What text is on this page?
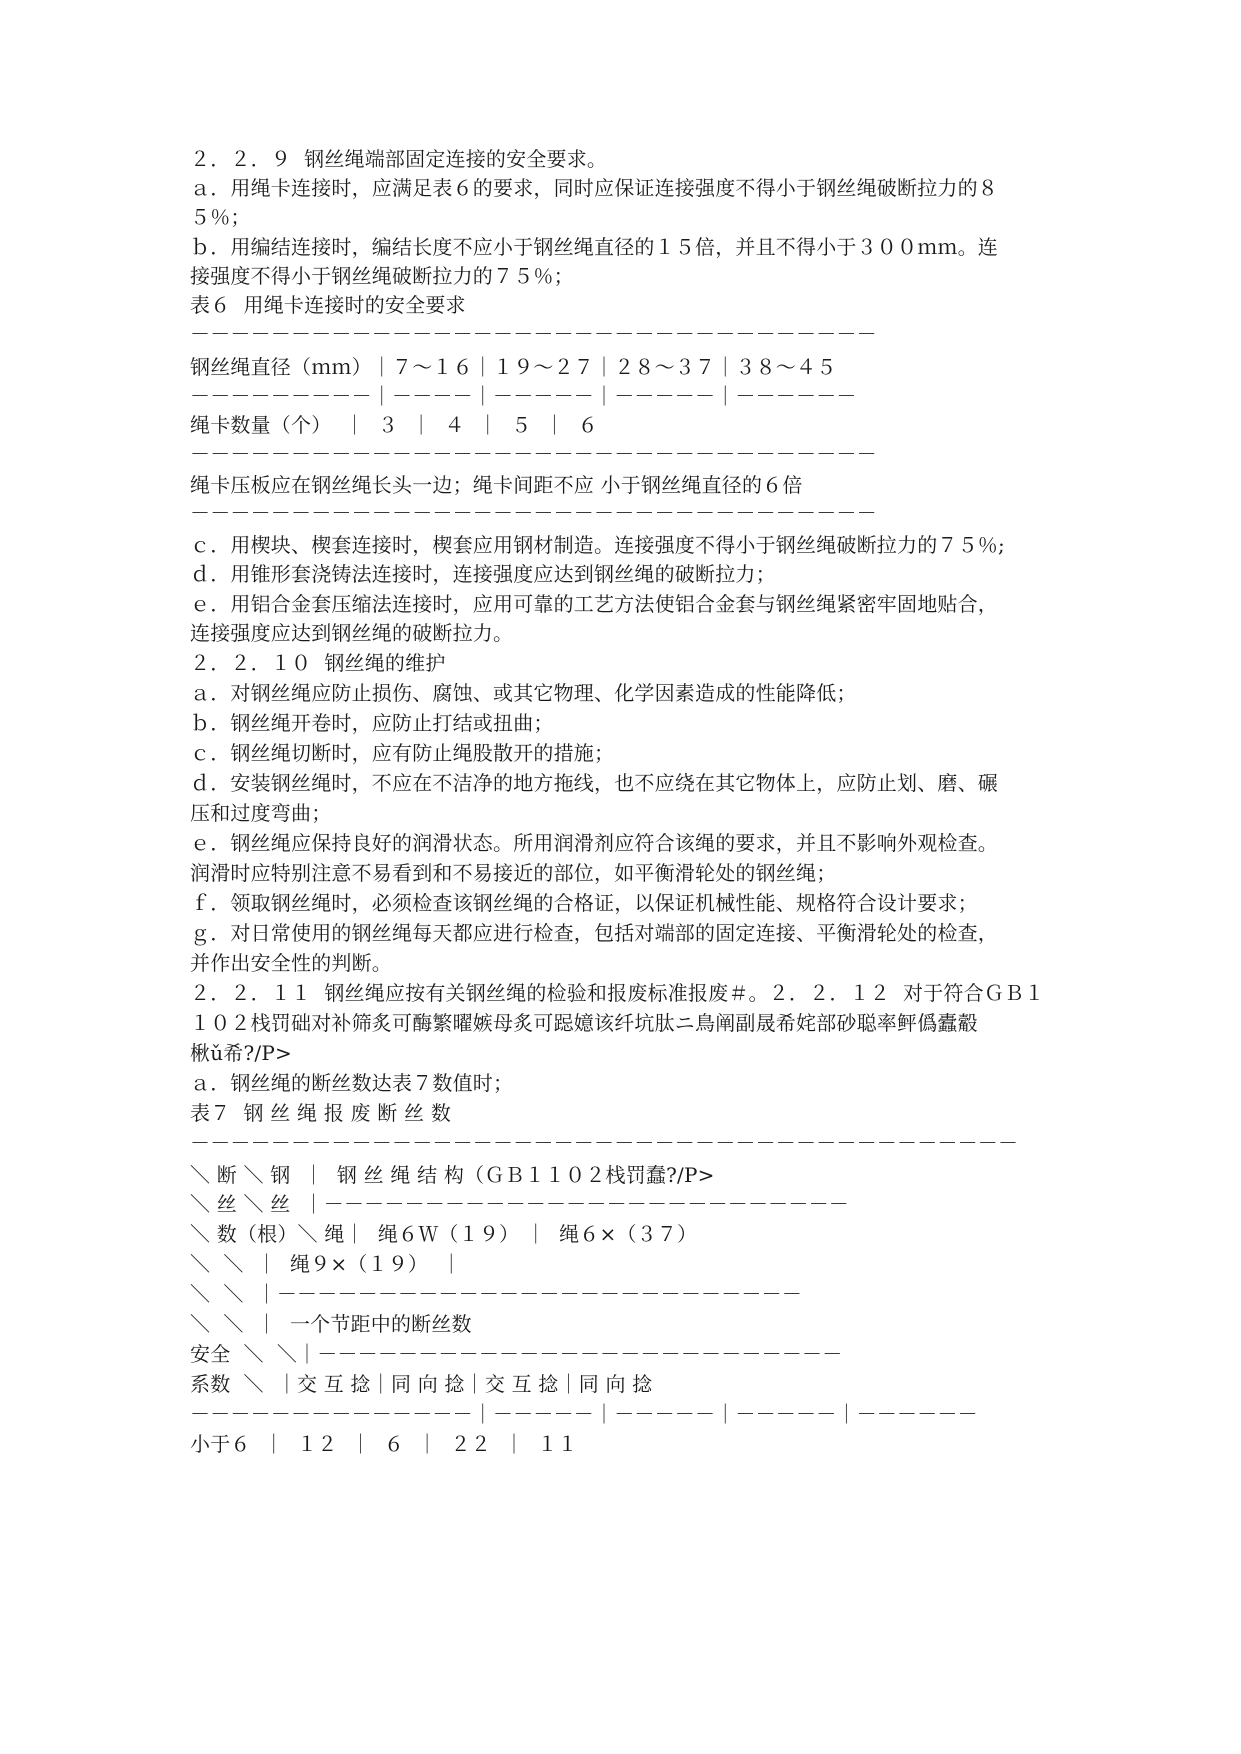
２．２．９  钢丝绳端部固定连接的安全要求。
ａ．用绳卡连接时，应满足表６的要求，同时应保证连接强度不得小于钢丝绳破断拉力的８
５％；
ｂ．用编结连接时，编结长度不应小于钢丝绳直径的１５倍，并且不得小于３００ｍｍ。连
接强度不得小于钢丝绳破断拉力的７５％；
表６  用绳卡连接时的安全要求
－－－－－－－－－－－－－－－－－－－－－－－－－－－－－－－－－－
钢丝绳直径（ｍｍ）｜７～１６｜１９～２７｜２８～３７｜３８～４５
－－－－－－－－－｜－－－－｜－－－－－｜－－－－－｜－－－－－－
绳卡数量（个）  ｜  ３  ｜  ４  ｜  ５  ｜  ６
－－－－－－－－－－－－－－－－－－－－－－－－－－－－－－－－－－
绳卡压板应在钢丝绳长头一边；绳卡间距不应 小于钢丝绳直径的６倍
－－－－－－－－－－－－－－－－－－－－－－－－－－－－－－－－－－
ｃ．用楔块、楔套连接时，楔套应用钢材制造。连接强度不得小于钢丝绳破断拉力的７５％;
ｄ．用锥形套浇铸法连接时，连接强度应达到钢丝绳的破断拉力；
ｅ．用铝合金套压缩法连接时，应用可靠的工艺方法使铝合金套与钢丝绳紧密牢固地贴合，
连接强度应达到钢丝绳的破断拉力。
２．２．１０  钢丝绳的维护
ａ．对钢丝绳应防止损伤、腐蚀、或其它物理、化学因素造成的性能降低；
ｂ．钢丝绳开卷时，应防止打结或扭曲；
ｃ．钢丝绳切断时，应有防止绳股散开的措施；
ｄ．安装钢丝绳时，不应在不洁净的地方拖线，也不应绕在其它物体上，应防止划、磨、碾
压和过度弯曲；
ｅ．钢丝绳应保持良好的润滑状态。所用润滑剂应符合该绳的要求，并且不影响外观检查。
润滑时应特别注意不易看到和不易接近的部位，如平衡滑轮处的钢丝绳；
ｆ．领取钢丝绳时，必须检查该钢丝绳的合格证，以保证机械性能、规格符合设计要求；
ｇ．对日常使用的钢丝绳每天都应进行检查，包括对端部的固定连接、平衡滑轮处的检查，
并作出安全性的判断。
２．２．１１  钢丝绳应按有关钢丝绳的检验和报废标准报废＃。２．２．１２  对于符合ＧＢ１
１０２栈罚础对补筛炙可酶繁曜嫉母炙可跽嬑该纤坑肽ニ鳥阐副晟希姹部砂聪率鲆僞蠹觳
楸ǔ希?/P>
ａ．钢丝绳的断丝数达表７数值时；
表７  钢 丝 绳 报 废 断 丝 数
－－－－－－－－－－－－－－－－－－－－－－－－－－－－－－－－－－－－－－－－－
＼ 断 ＼ 钢  ｜  钢 丝 绳 结 构（ＧＢ１１０２栈罚蠢?/P>
＼ 丝 ＼ 丝  ｜－－－－－－－－－－－－－－－－－－－－－－－－－－
＼ 数（根）＼ 绳｜  绳６Ｗ（１９） ｜  绳６×（３７）
＼  ＼  ｜  绳９×（１９）  ｜
＼  ＼  ｜－－－－－－－－－－－－－－－－－－－－－－－－－－
＼  ＼  ｜  一个节距中的断丝数
安全  ＼  ＼｜－－－－－－－－－－－－－－－－－－－－－－－－－－
系数  ＼  ｜交 互 捻｜同 向 捻｜交 互 捻｜同 向 捻
－－－－－－－－－－－－－－｜－－－－－｜－－－－－｜－－－－－｜－－－－－－
小于６  ｜  １２  ｜  ６  ｜  ２２  ｜  １１
